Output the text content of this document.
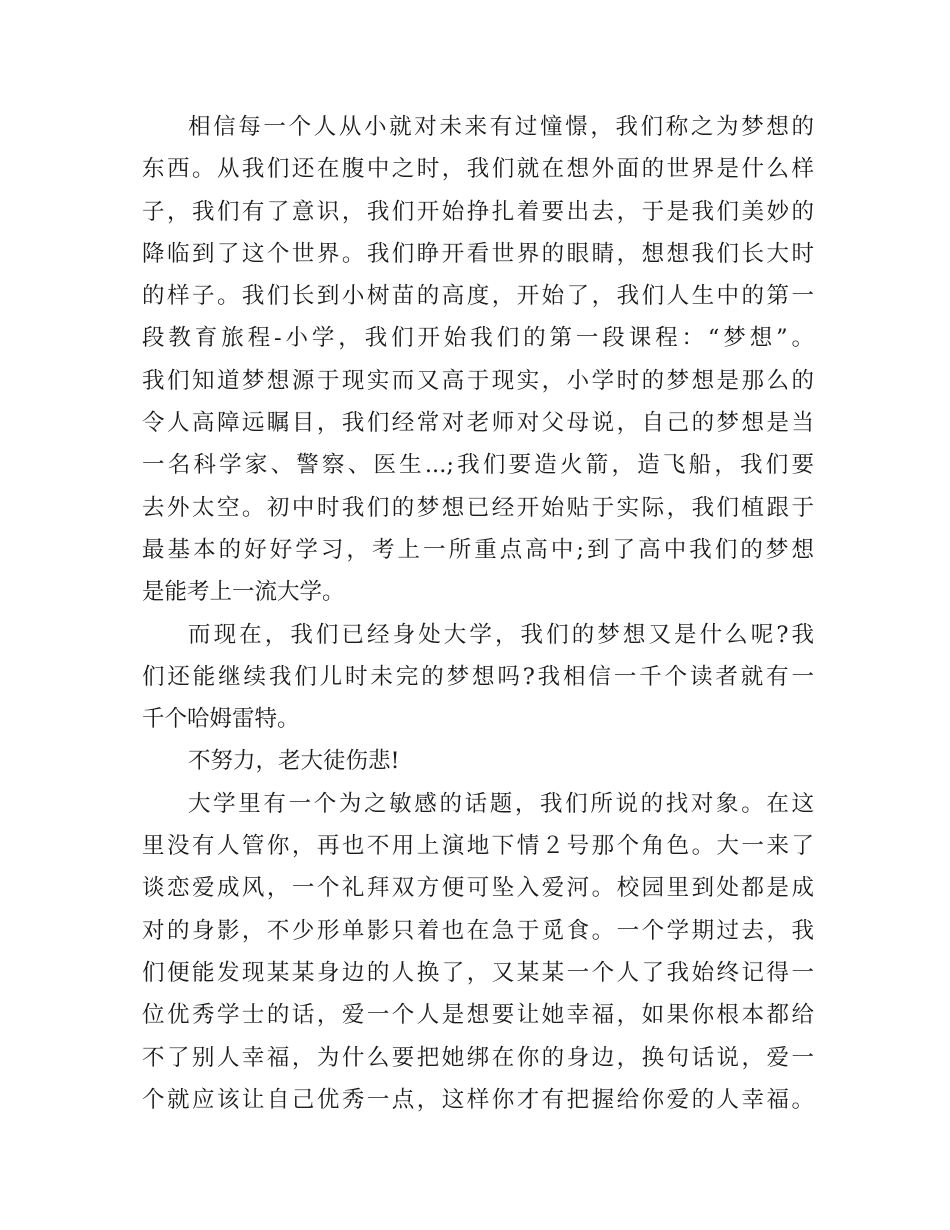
相信每一个人从小就对未来有过憧憬，我们称之为梦想的
东西。从我们还在腹中之时，我们就在想外面的世界是什么样
子，我们有了意识，我们开始挣扎着要出去，于是我们美妙的
降临到了这个世界。我们睁开看世界的眼睛，想想我们长大时
的样子。我们长到小树苗的高度，开始了，我们人生中的第一
段教育旅程-小学，我们开始我们的第一段课程：“梦想”。
我们知道梦想源于现实而又高于现实，小学时的梦想是那么的
令人高障远瞩目，我们经常对老师对父母说，自己的梦想是当
一名科学家、警察、医生...;我们要造火箭，造飞船，我们要
去外太空。初中时我们的梦想已经开始贴于实际，我们植跟于
最基本的好好学习，考上一所重点高中;到了高中我们的梦想
是能考上一流大学。
而现在，我们已经身处大学，我们的梦想又是什么呢?我
们还能继续我们儿时未完的梦想吗?我相信一千个读者就有一
千个哈姆雷特。
不努力，老大徒伤悲!
大学里有一个为之敏感的话题，我们所说的找对象。在这
里没有人管你，再也不用上演地下情２号那个角色。大一来了
谈恋爱成风，一个礼拜双方便可坠入爱河。校园里到处都是成
对的身影，不少形单影只着也在急于觅食。一个学期过去，我
们便能发现某某身边的人换了，又某某一个人了我始终记得一
位优秀学士的话，爱一个人是想要让她幸福，如果你根本都给
不了别人幸福，为什么要把她绑在你的身边，换句话说，爱一
个就应该让自己优秀一点，这样你才有把握给你爱的人幸福。
